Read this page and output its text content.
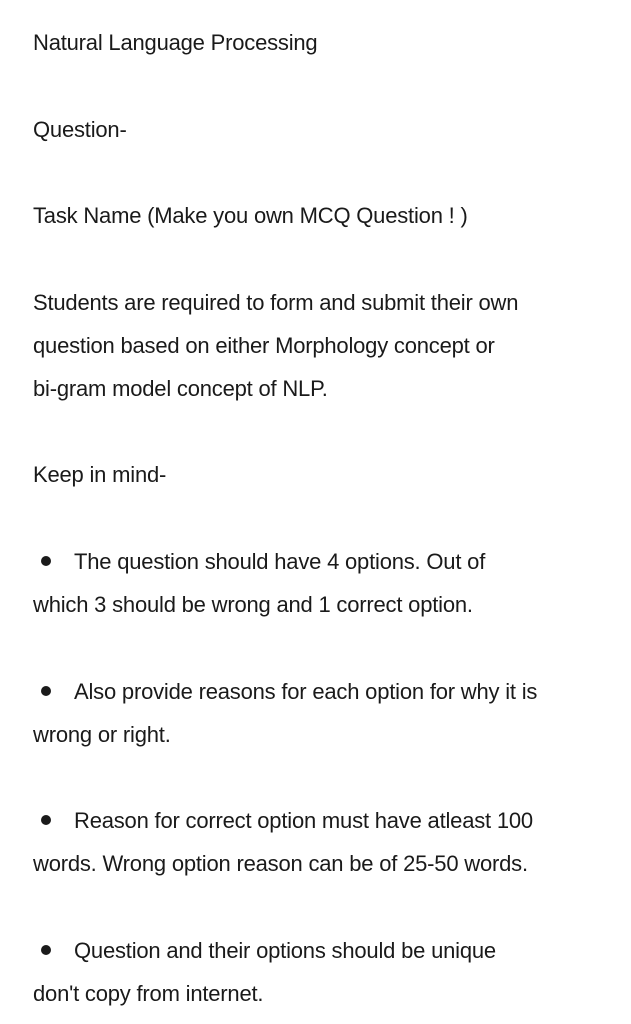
Natural Language Processing
Question-
Task Name (Make you own MCQ Question ! )
Students are required to form and submit their own
question based on either Morphology concept or
bi-gram model concept of NLP.
Keep in mind-
The question should have 4 options. Out of
which 3 should be wrong and 1 correct option.
Also provide reasons for each option for why it is
wrong or right.
Reason for correct option must have atleast 100
words. Wrong option reason can be of 25-50 words.
Question and their options should be unique
don't copy from internet.
